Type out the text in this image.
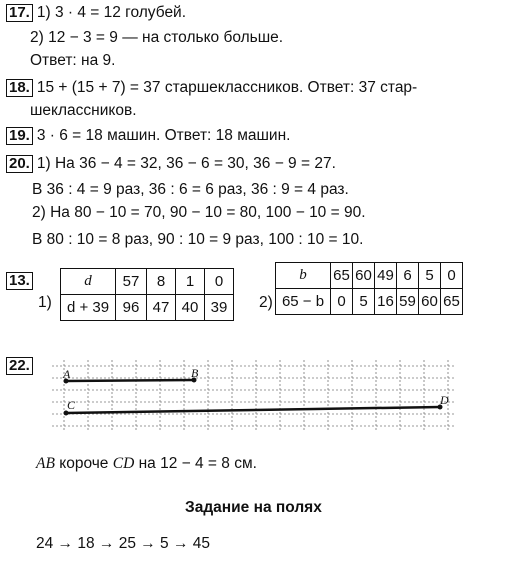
17. 1) 3 · 4 = 12 голубей.
2) 12 − 3 = 9 — на столько больше.
Ответ: на 9.
18. 15 + (15 + 7) = 37 старшеклассников. Ответ: 37 стар-
шеклассников.
19. 3 · 6 = 18 машин. Ответ: 18 машин.
20. 1) На 36 − 4 = 32, 36 − 6 = 30, 36 − 9 = 27.
В 36 : 4 = 9 раз, 36 : 6 = 6 раз, 36 : 9 = 4 раз.
2) На 80 − 10 = 70, 90 − 10 = 80, 100 − 10 = 90.
В 80 : 10 = 8 раз, 90 : 10 = 9 раз, 100 : 10 = 10.
13.
1)
d	57	8	1	0
d + 39	96	47	40	39 2)
b	65	60	49	6	5	0
65 − b	0	5	16	59	60	65
22.	A	B
C	D
AB короче CD на 12 − 4 = 8 см.
Задание на полях
24 → 18 → 25 → 5 → 45
